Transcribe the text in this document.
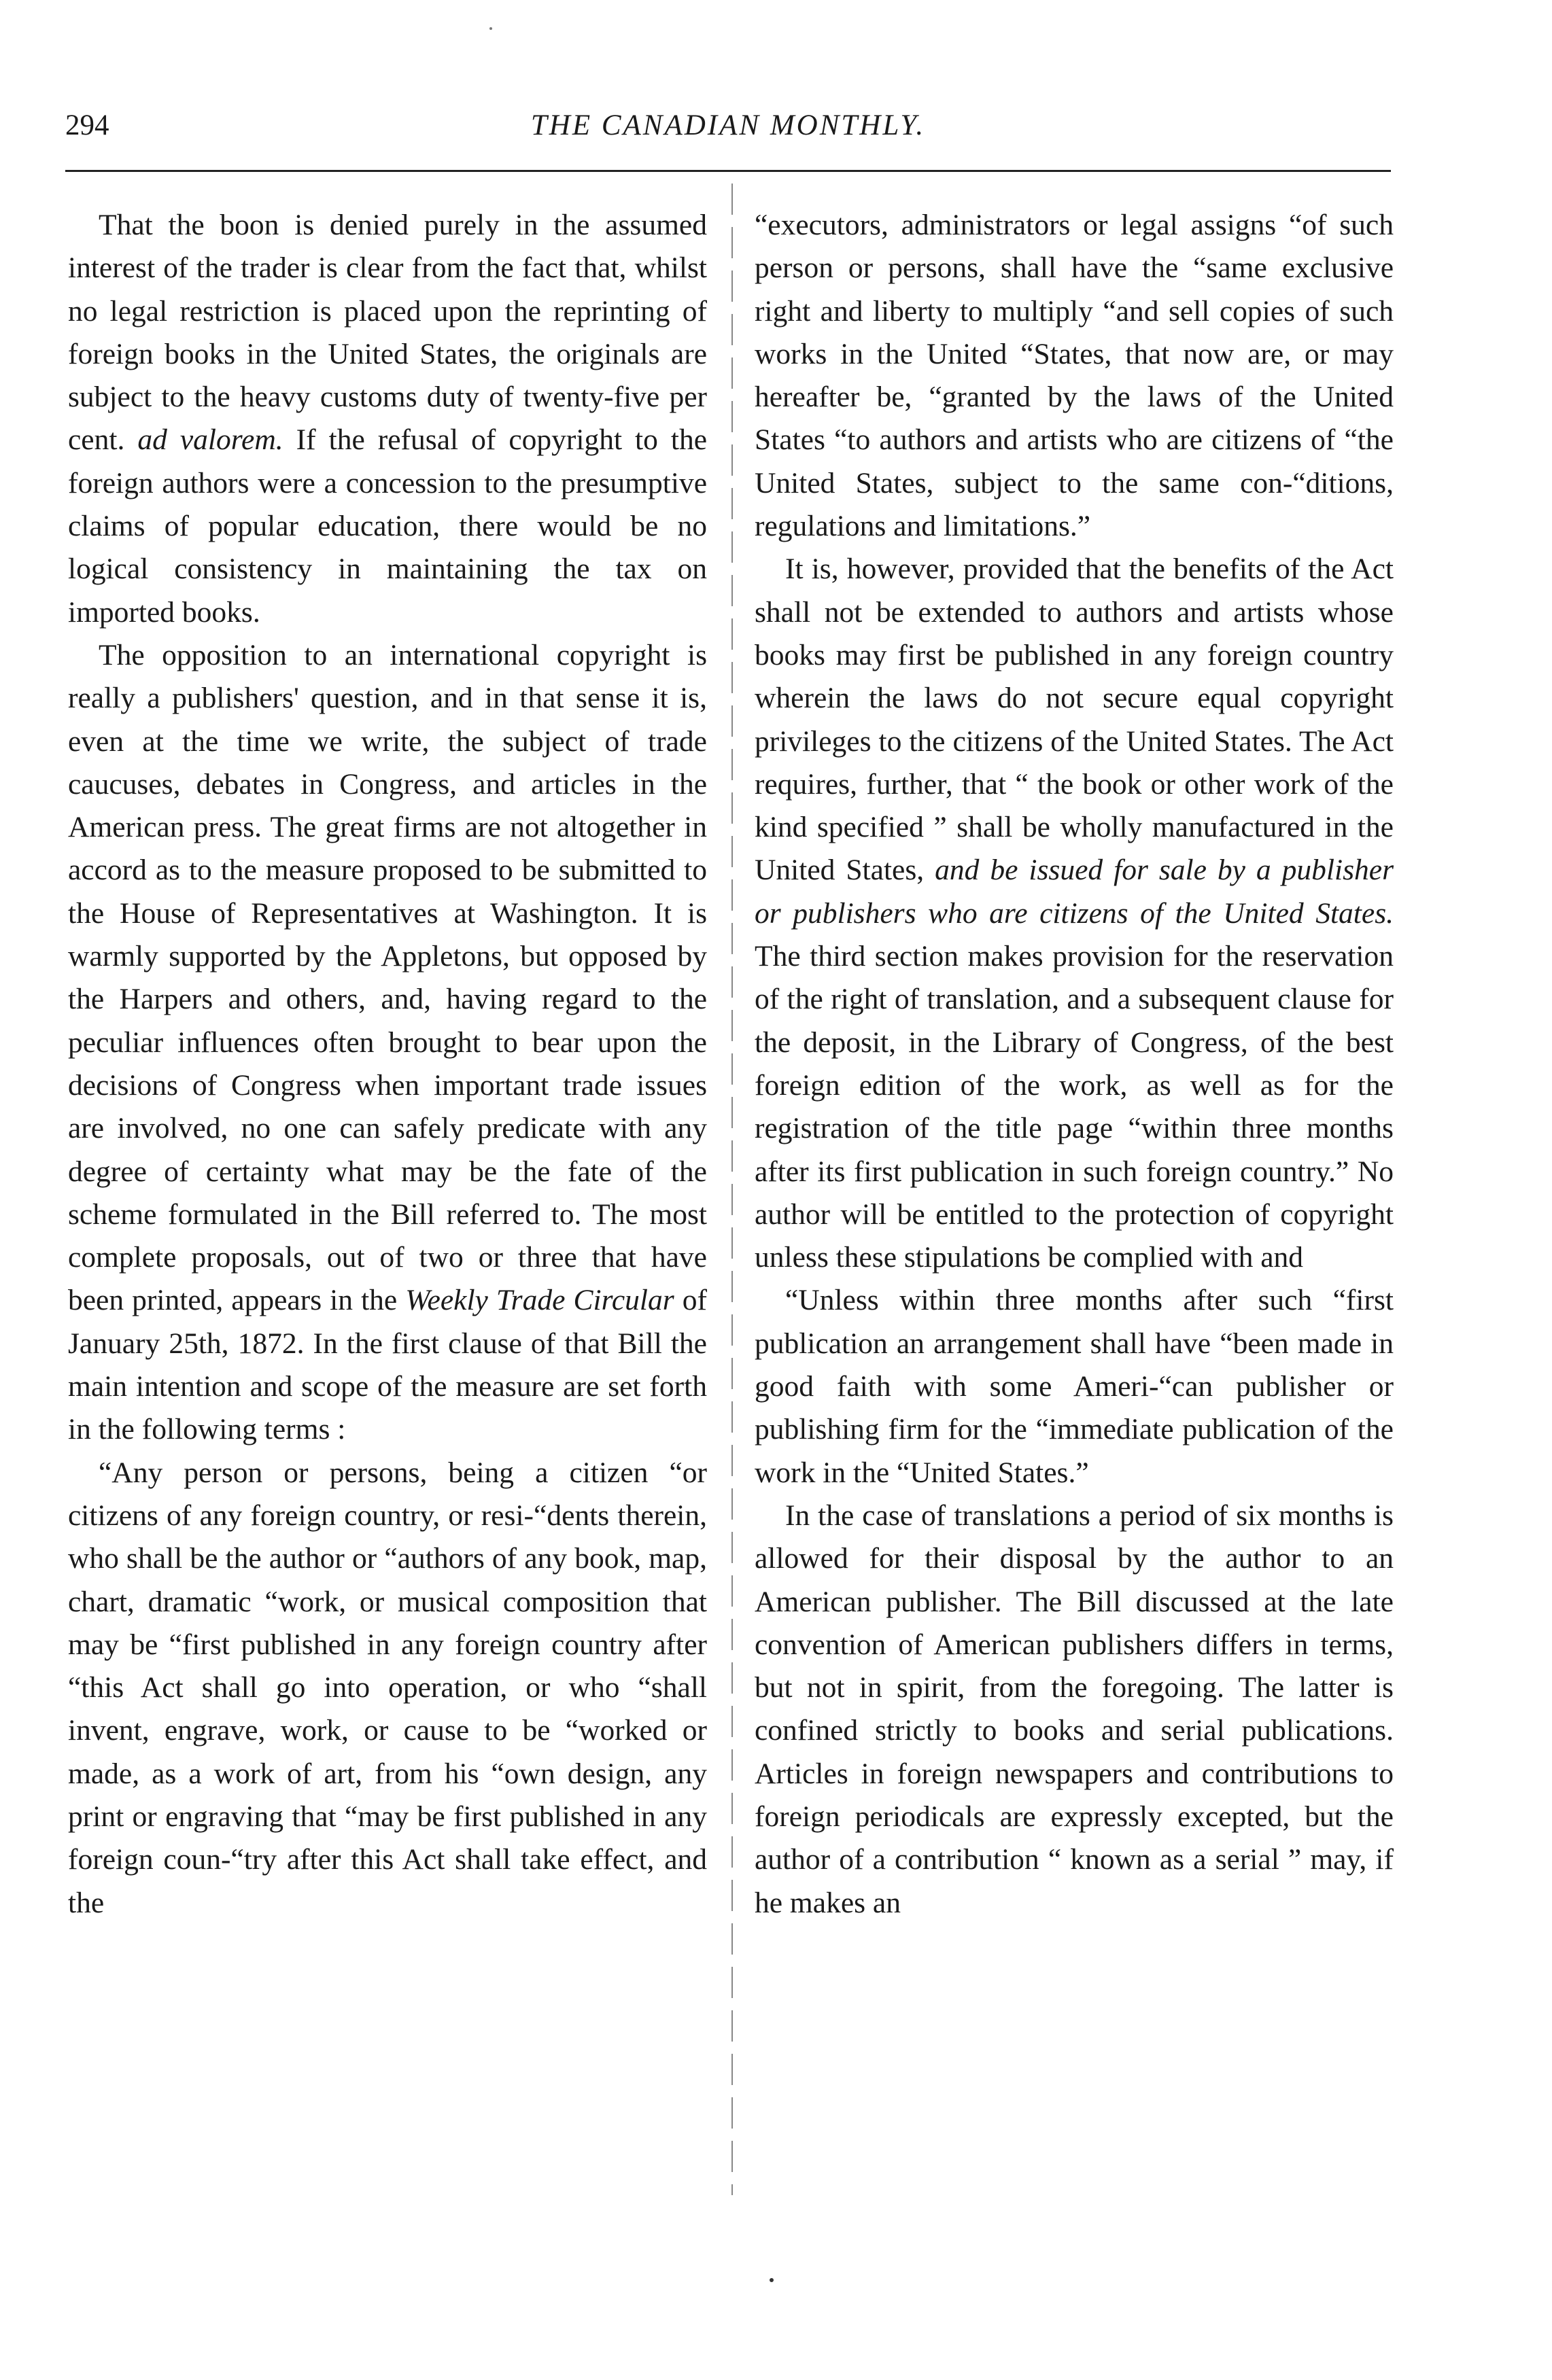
294	THE CANADIAN MONTHLY.

That the boon is denied purely in the assumed interest of the trader is clear from the fact that, whilst no legal restriction is placed upon the reprinting of foreign books in the United States, the originals are subject to the heavy customs duty of twenty-five per cent. ad valorem. If the refusal of copyright to the foreign authors were a concession to the presumptive claims of popular education, there would be no logical consistency in maintaining the tax on imported books.

The opposition to an international copyright is really a publishers' question, and in that sense it is, even at the time we write, the subject of trade caucuses, debates in Congress, and articles in the American press. The great firms are not altogether in accord as to the measure proposed to be submitted to the House of Representatives at Washington. It is warmly supported by the Appletons, but opposed by the Harpers and others, and, having regard to the peculiar influences often brought to bear upon the decisions of Congress when important trade issues are involved, no one can safely predicate with any degree of certainty what may be the fate of the scheme formulated in the Bill referred to. The most complete proposals, out of two or three that have been printed, appears in the Weekly Trade Circular of January 25th, 1872. In the first clause of that Bill the main intention and scope of the measure are set forth in the following terms :

“Any person or persons, being a citizen “or citizens of any foreign country, or resi-“dents therein, who shall be the author or “authors of any book, map, chart, dramatic “work, or musical composition that may be “first published in any foreign country after “this Act shall go into operation, or who “shall invent, engrave, work, or cause to be “worked or made, as a work of art, from his “own design, any print or engraving that “may be first published in any foreign coun-“try after this Act shall take effect, and the

“executors, administrators or legal assigns “of such person or persons, shall have the “same exclusive right and liberty to multiply “and sell copies of such works in the United “States, that now are, or may hereafter be, “granted by the laws of the United States “to authors and artists who are citizens of “the United States, subject to the same con-“ditions, regulations and limitations.”

It is, however, provided that the benefits of the Act shall not be extended to authors and artists whose books may first be published in any foreign country wherein the laws do not secure equal copyright privileges to the citizens of the United States. The Act requires, further, that “ the book or other work of the kind specified ” shall be wholly manufactured in the United States, and be issued for sale by a publisher or publishers who are citizens of the United States. The third section makes provision for the reservation of the right of translation, and a subsequent clause for the deposit, in the Library of Congress, of the best foreign edition of the work, as well as for the registration of the title page “within three months after its first publication in such foreign country.” No author will be entitled to the protection of copyright unless these stipulations be complied with and

“Unless within three months after such “first publication an arrangement shall have “been made in good faith with some Ameri-“can publisher or publishing firm for the “immediate publication of the work in the “United States.”

In the case of translations a period of six months is allowed for their disposal by the author to an American publisher. The Bill discussed at the late convention of American publishers differs in terms, but not in spirit, from the foregoing. The latter is confined strictly to books and serial publications. Articles in foreign newspapers and contributions to foreign periodicals are expressly excepted, but the author of a contribution “ known as a serial ” may, if he makes an
